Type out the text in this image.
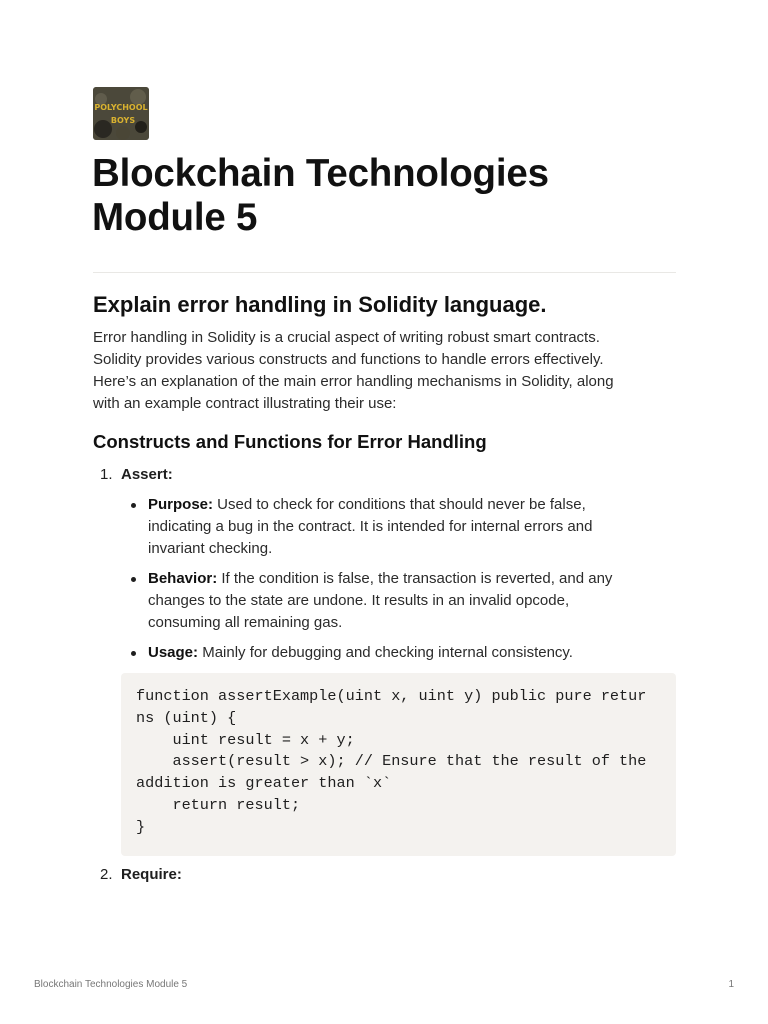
POLYCHOOL
BOYS
Blockchain Technologies
Module 5
Explain error handling in Solidity language.

Error handling in Solidity is a crucial aspect of writing robust smart contracts.
Solidity provides various constructs and functions to handle errors effectively.
Here’s an explanation of the main error handling mechanisms in Solidity, along
with an example contract illustrating their use:

Constructs and Functions for Error Handling
1. Assert:

Purpose: Used to check for conditions that should never be false,
indicating a bug in the contract. It is intended for internal errors and
invariant checking.

Behavior: If the condition is false, the transaction is reverted, and any
changes to the state are undone. It results in an invalid opcode,
consuming all remaining gas.

Usage: Mainly for debugging and checking internal consistency.

function assertExample(uint x, uint y) public pure retur
ns (uint) {
uint result = x + y;
assert(result > x); // Ensure that the result of the
addition is greater than `x`
return result;
}
2. Require:
Blockchain Technologies Module 5	1
